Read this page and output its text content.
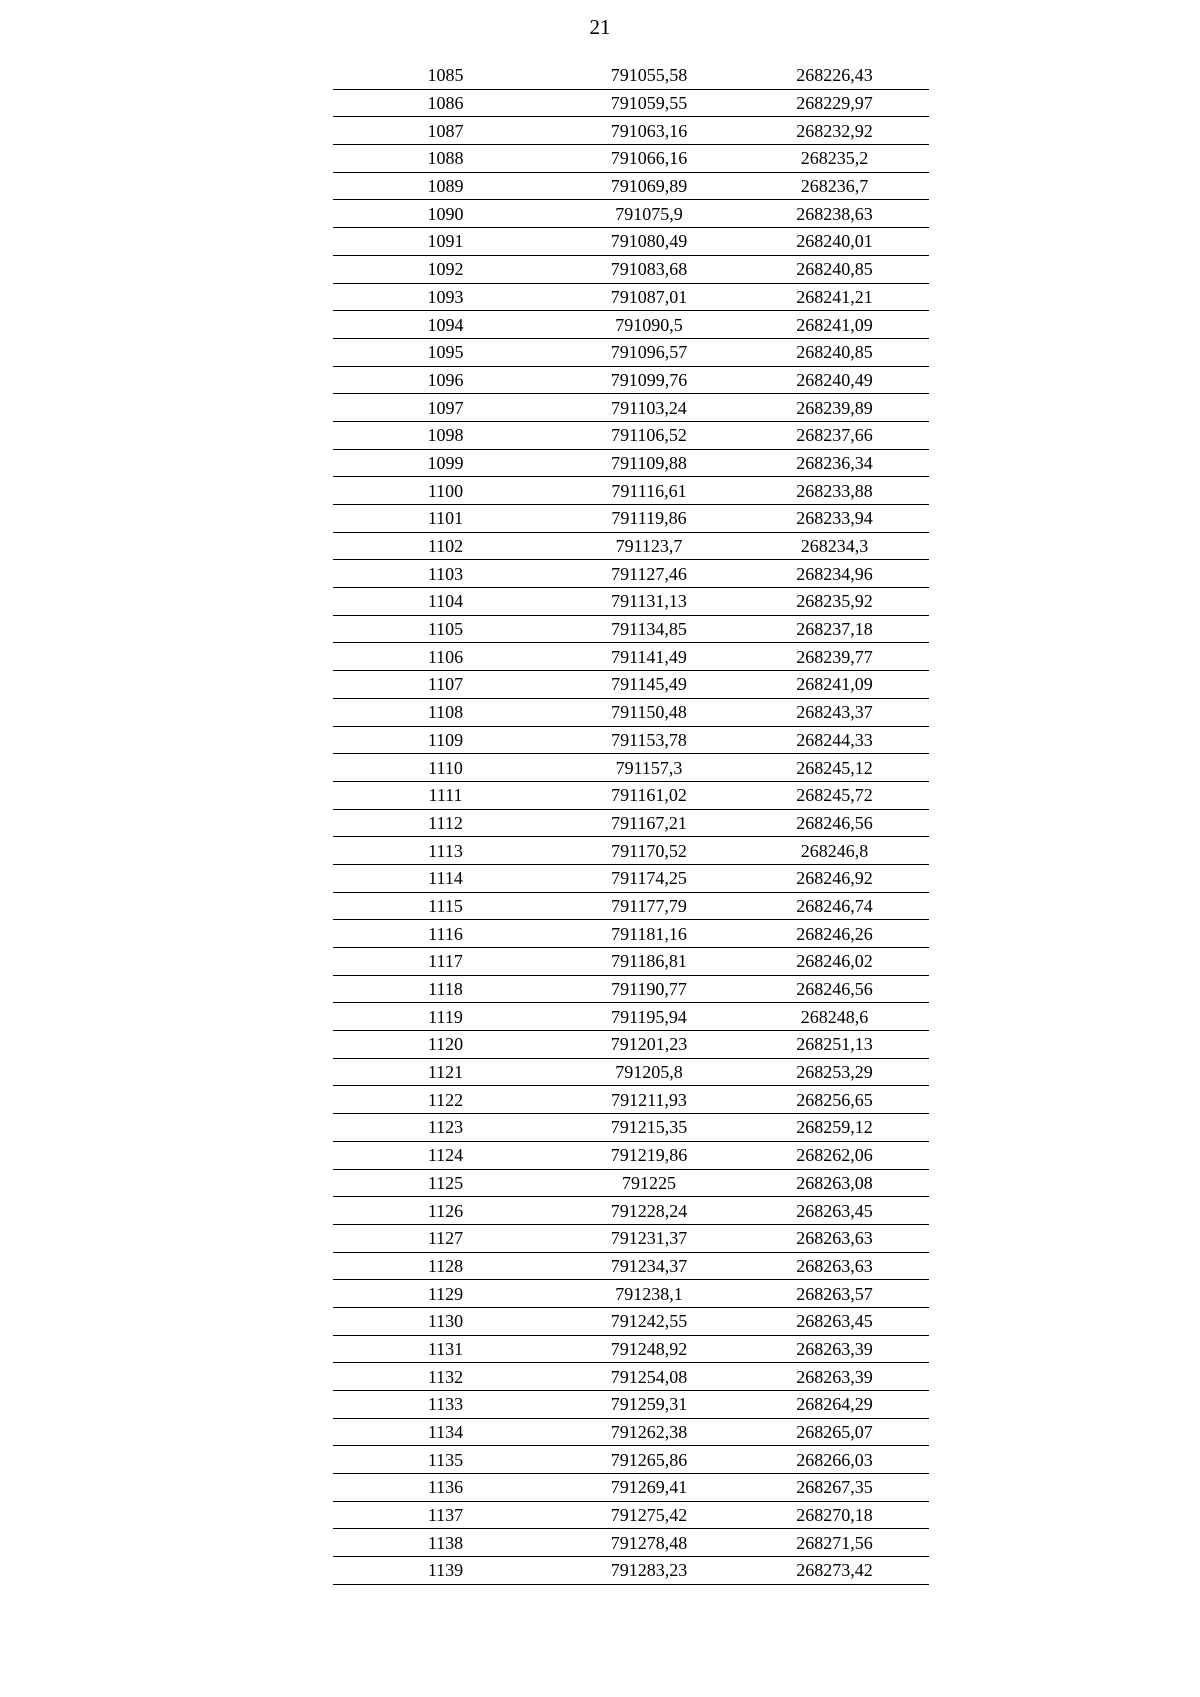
21
1085	791055,58	268226,43
1086	791059,55	268229,97
1087	791063,16	268232,92
1088	791066,16	268235,2
1089	791069,89	268236,7
1090	791075,9	268238,63
1091	791080,49	268240,01
1092	791083,68	268240,85
1093	791087,01	268241,21
1094	791090,5	268241,09
1095	791096,57	268240,85
1096	791099,76	268240,49
1097	791103,24	268239,89
1098	791106,52	268237,66
1099	791109,88	268236,34
1100	791116,61	268233,88
1101	791119,86	268233,94
1102	791123,7	268234,3
1103	791127,46	268234,96
1104	791131,13	268235,92
1105	791134,85	268237,18
1106	791141,49	268239,77
1107	791145,49	268241,09
1108	791150,48	268243,37
1109	791153,78	268244,33
1110	791157,3	268245,12
1111	791161,02	268245,72
1112	791167,21	268246,56
1113	791170,52	268246,8
1114	791174,25	268246,92
1115	791177,79	268246,74
1116	791181,16	268246,26
1117	791186,81	268246,02
1118	791190,77	268246,56
1119	791195,94	268248,6
1120	791201,23	268251,13
1121	791205,8	268253,29
1122	791211,93	268256,65
1123	791215,35	268259,12
1124	791219,86	268262,06
1125	791225	268263,08
1126	791228,24	268263,45
1127	791231,37	268263,63
1128	791234,37	268263,63
1129	791238,1	268263,57
1130	791242,55	268263,45
1131	791248,92	268263,39
1132	791254,08	268263,39
1133	791259,31	268264,29
1134	791262,38	268265,07
1135	791265,86	268266,03
1136	791269,41	268267,35
1137	791275,42	268270,18
1138	791278,48	268271,56
1139	791283,23	268273,42
